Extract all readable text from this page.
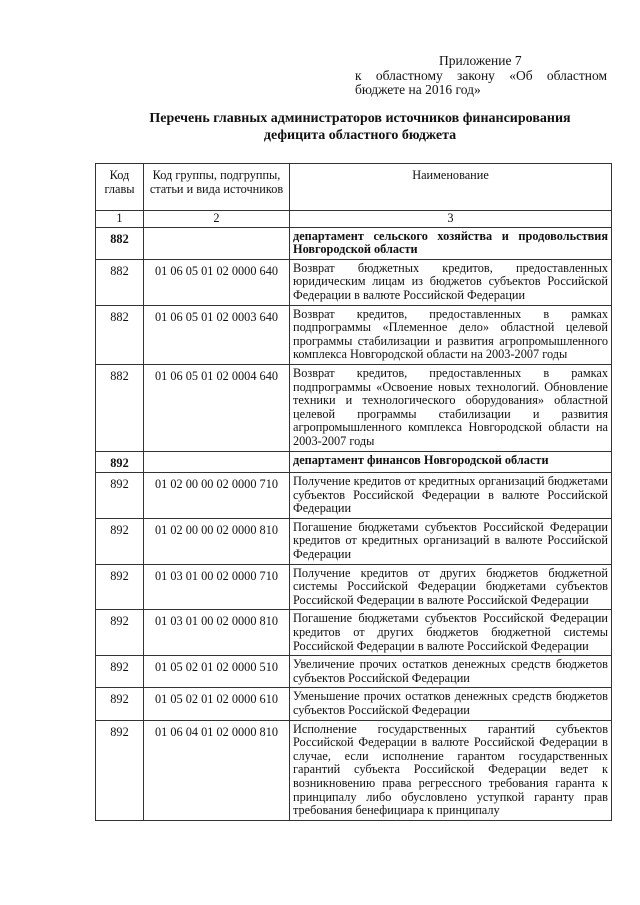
Приложение 7
к областному закону «Об областном
бюджете на 2016 год»
Перечень главных администраторов источников финансирования
дефицита областного бюджета
Код главы	Код группы, подгруппы, статьи и вида источников	Наименование
1	2	3
882		департамент сельского хозяйства и продовольствия Новгородской области
882	01 06 05 01 02 0000 640	Возврат бюджетных кредитов, предоставленных юридическим лицам из бюджетов субъектов Российской Федерации в валюте Российской Федерации
882	01 06 05 01 02 0003 640	Возврат кредитов, предоставленных в рамках подпрограммы «Племенное дело» областной целевой программы стабилизации и развития агропромышленного комплекса Новгородской области на 2003-2007 годы
882	01 06 05 01 02 0004 640	Возврат кредитов, предоставленных в рамках подпрограммы «Освоение новых технологий. Обновление техники и технологического оборудования» областной целевой программы стабилизации и развития агропромышленного комплекса Новгородской области на 2003-2007 годы
892		департамент финансов Новгородской области
892	01 02 00 00 02 0000 710	Получение кредитов от кредитных организаций бюджетами субъектов Российской Федерации в валюте Российской Федерации
892	01 02 00 00 02 0000 810	Погашение бюджетами субъектов Российской Федерации кредитов от кредитных организаций в валюте Российской Федерации
892	01 03 01 00 02 0000 710	Получение кредитов от других бюджетов бюджетной системы Российской Федерации бюджетами субъектов Российской Федерации в валюте Российской Федерации
892	01 03 01 00 02 0000 810	Погашение бюджетами субъектов Российской Федерации кредитов от других бюджетов бюджетной системы Российской Федерации в валюте Российской Федерации
892	01 05 02 01 02 0000 510	Увеличение прочих остатков денежных средств бюджетов субъектов Российской Федерации
892	01 05 02 01 02 0000 610	Уменьшение прочих остатков денежных средств бюджетов субъектов Российской Федерации
892	01 06 04 01 02 0000 810	Исполнение государственных гарантий субъектов Российской Федерации в валюте Российской Федерации в случае, если исполнение гарантом государственных гарантий субъекта Российской Федерации ведет к возникновению права регрессного требования гаранта к принципалу либо обусловлено уступкой гаранту прав требования бенефициара к принципалу
